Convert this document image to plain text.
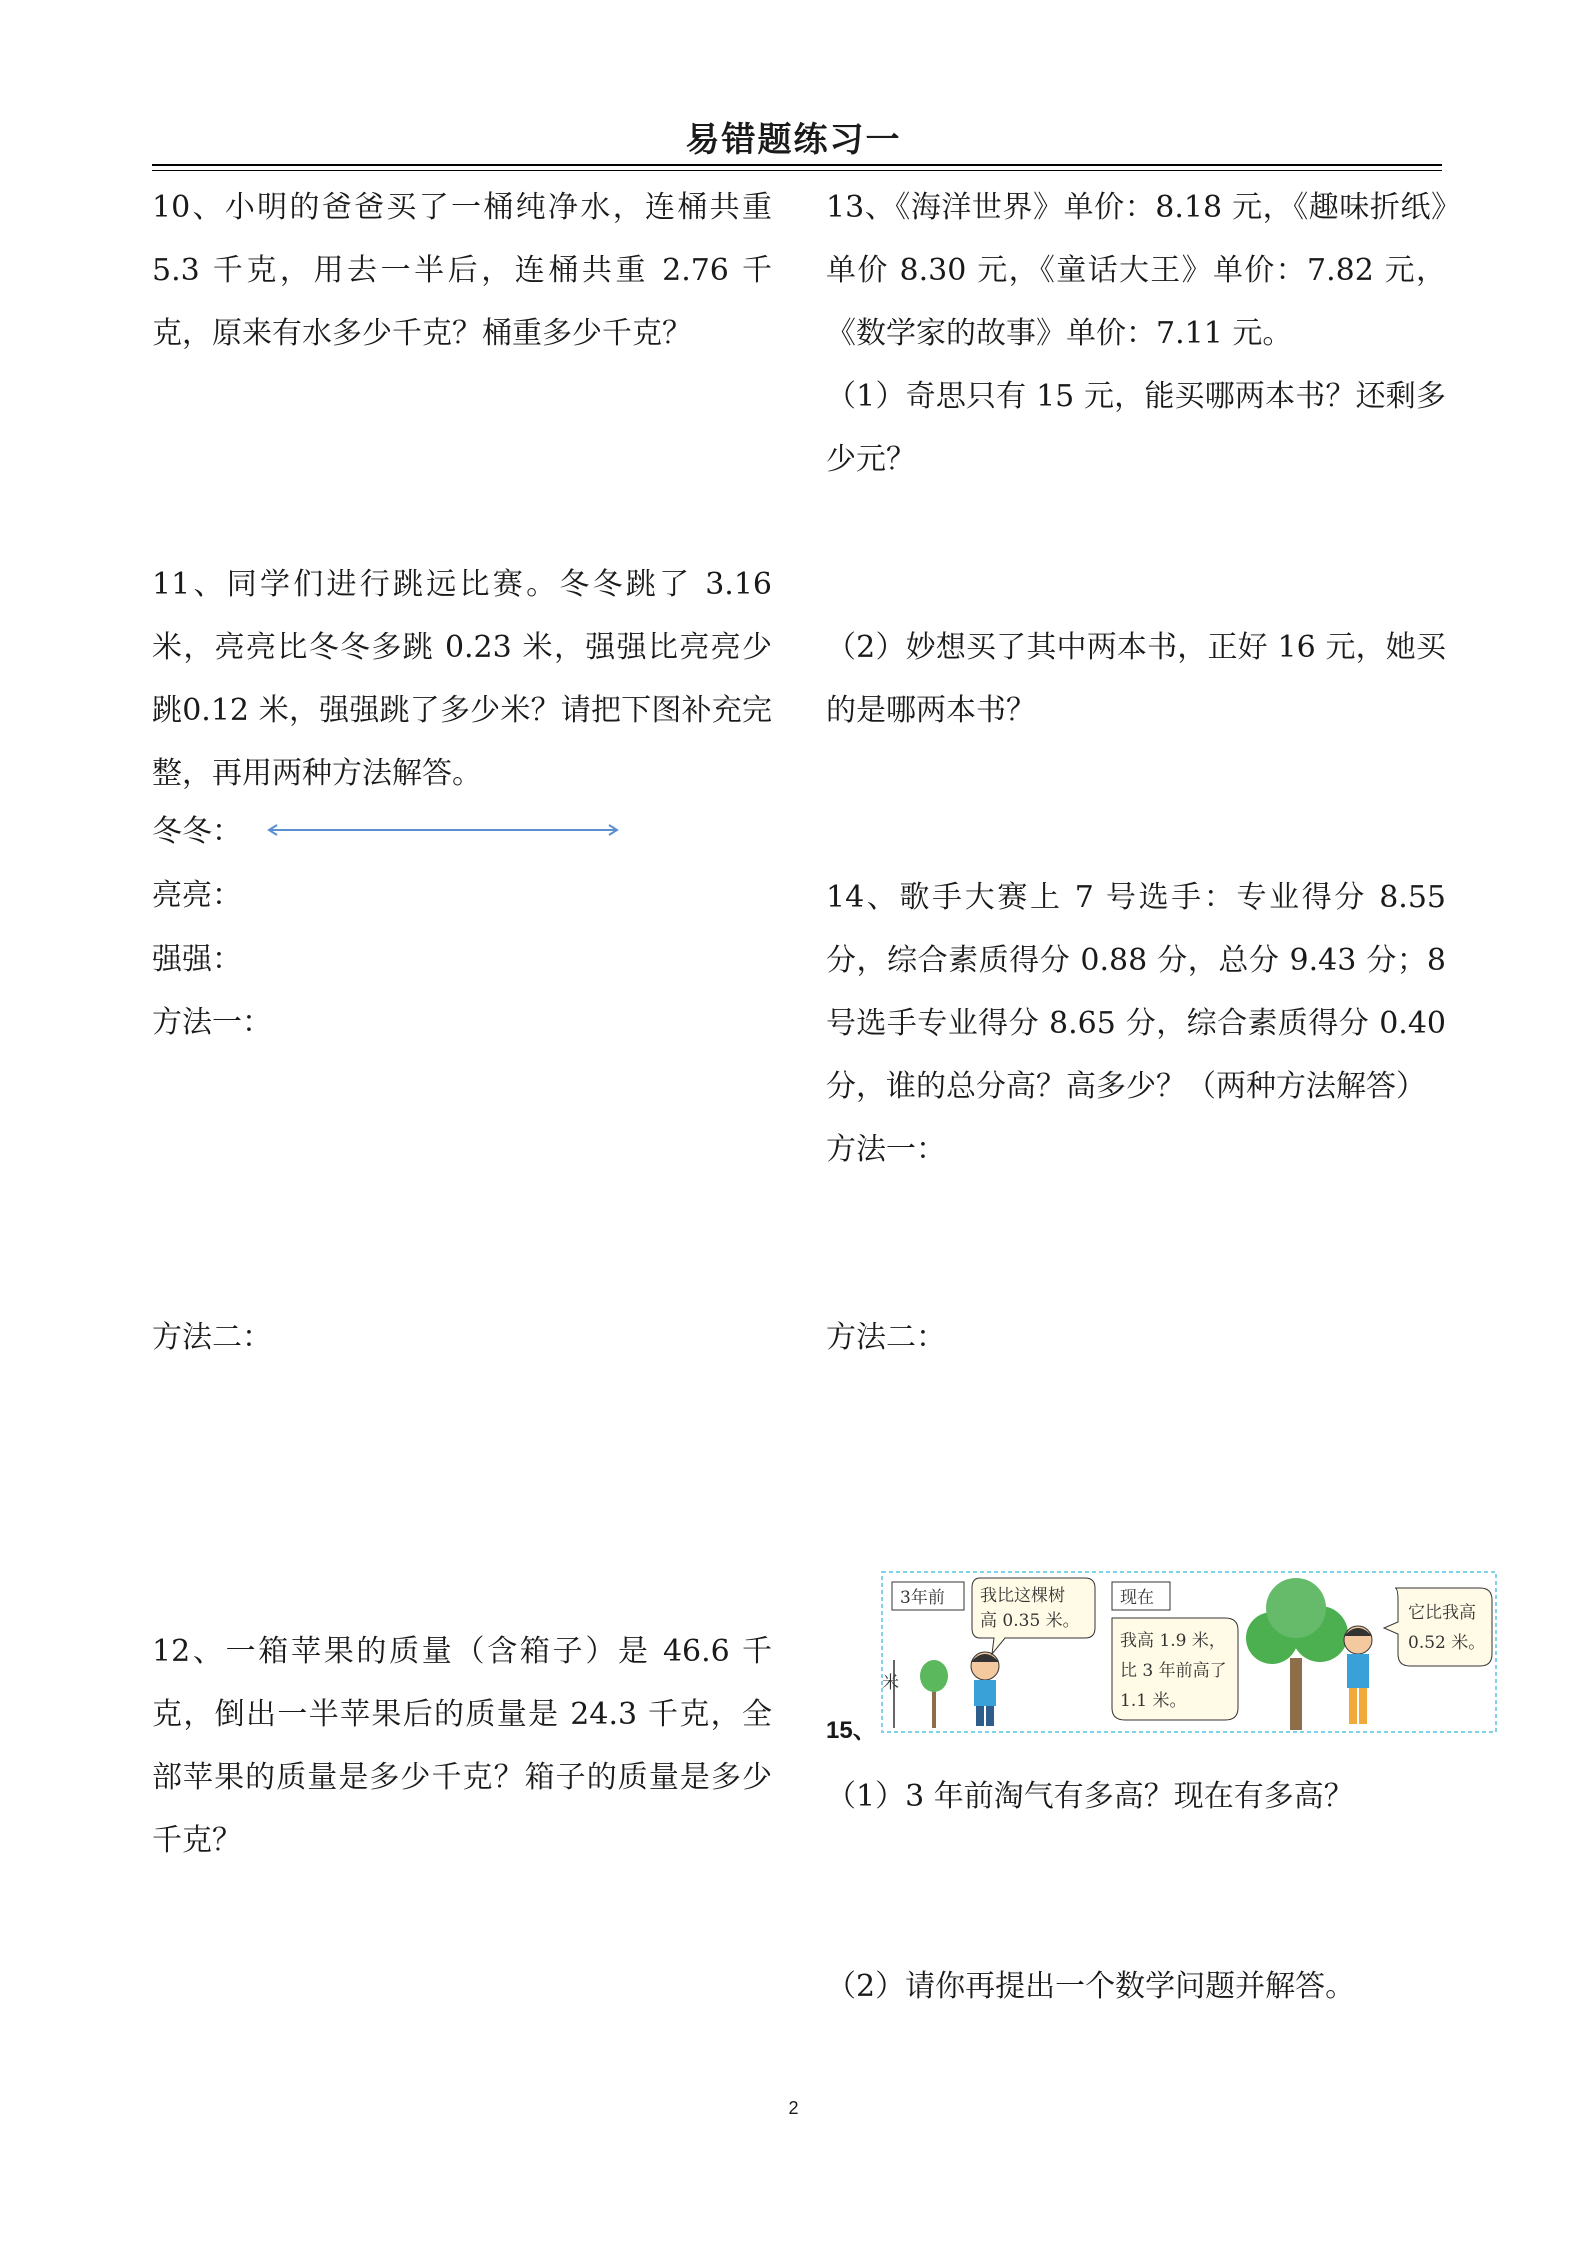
易错题练习一

10、小明的爸爸买了一桶纯净水，连桶共重5.3 千克，用去一半后，连桶共重 2.76 千克，原来有水多少千克？桶重多少千克？

11、同学们进行跳远比赛。冬冬跳了 3.16 米，亮亮比冬冬多跳 0.23 米，强强比亮亮少跳0.12 米，强强跳了多少米？请把下图补充完整，再用两种方法解答。

冬冬：
亮亮：
强强：
方法一：
方法二：

12、一箱苹果的质量（含箱子）是 46.6 千克，倒出一半苹果后的质量是 24.3 千克，全部苹果的质量是多少千克？箱子的质量是多少千克？

13、《海洋世界》单价：8.18 元，《趣味折纸》单价 8.30 元，《童话大王》单价：7.82 元，《数学家的故事》单价：7.11 元。

（1）奇思只有 15 元，能买哪两本书？还剩多少元？

（2）妙想买了其中两本书，正好 16 元，她买的是哪两本书？

14、歌手大赛上 7 号选手：专业得分 8.55 分，综合素质得分 0.88 分，总分 9.43 分；8 号选手专业得分 8.65 分，综合素质得分 0.40 分，谁的总分高？高多少？（两种方法解答）

方法一：
方法二：
15、
3年前
米
我比这棵树
高 0.35 米。
现在
我高 1.9 米，
比 3 年前高了
1.1 米。
它比我高
0.52 米。

（1）3 年前淘气有多高？现在有多高？

（2）请你再提出一个数学问题并解答。

2
